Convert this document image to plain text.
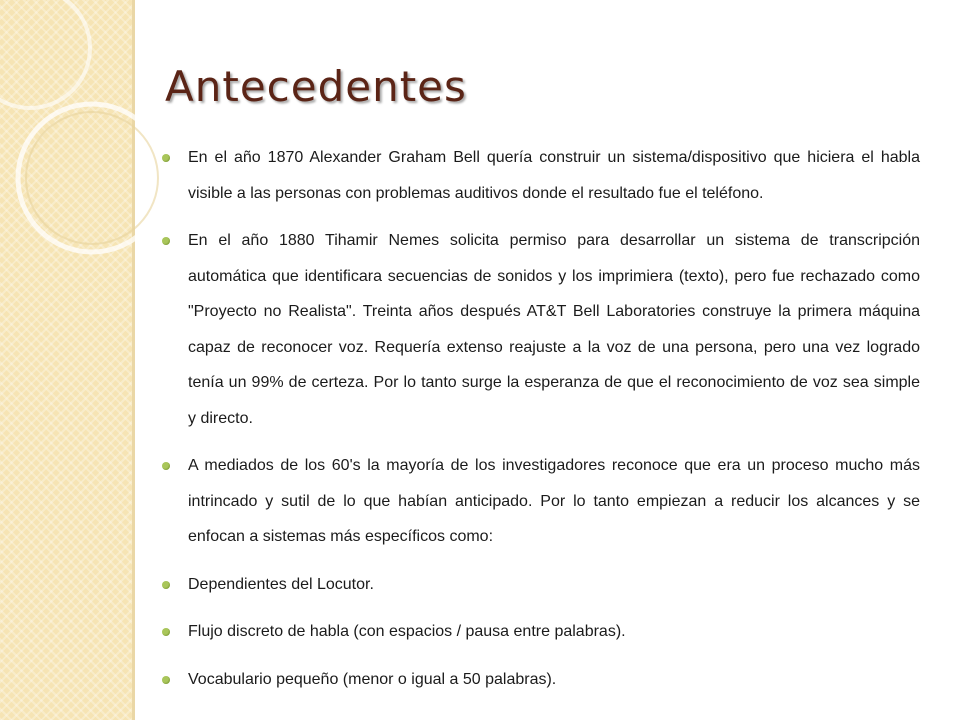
Antecedentes
En el año 1870 Alexander Graham Bell quería construir un sistema/dispositivo que hiciera el habla visible a las personas con problemas auditivos donde el resultado fue el teléfono.
En el año 1880 Tihamir Nemes solicita permiso para desarrollar un sistema de transcripción automática que identificara secuencias de sonidos y los imprimiera (texto), pero fue rechazado como "Proyecto no Realista". Treinta años después AT&T Bell Laboratories construye la primera máquina capaz de reconocer voz. Requería extenso reajuste a la voz de una persona, pero una vez logrado tenía un 99% de certeza. Por lo tanto surge la esperanza de que el reconocimiento de voz sea simple y directo.
A mediados de los 60's la mayoría de los investigadores reconoce que era un proceso mucho más intrincado y sutil de lo que habían anticipado. Por lo tanto empiezan a reducir los alcances y se enfocan a sistemas más específicos como:
Dependientes del Locutor.
Flujo discreto de habla (con espacios / pausa entre palabras).
Vocabulario pequeño (menor o igual a 50 palabras).
